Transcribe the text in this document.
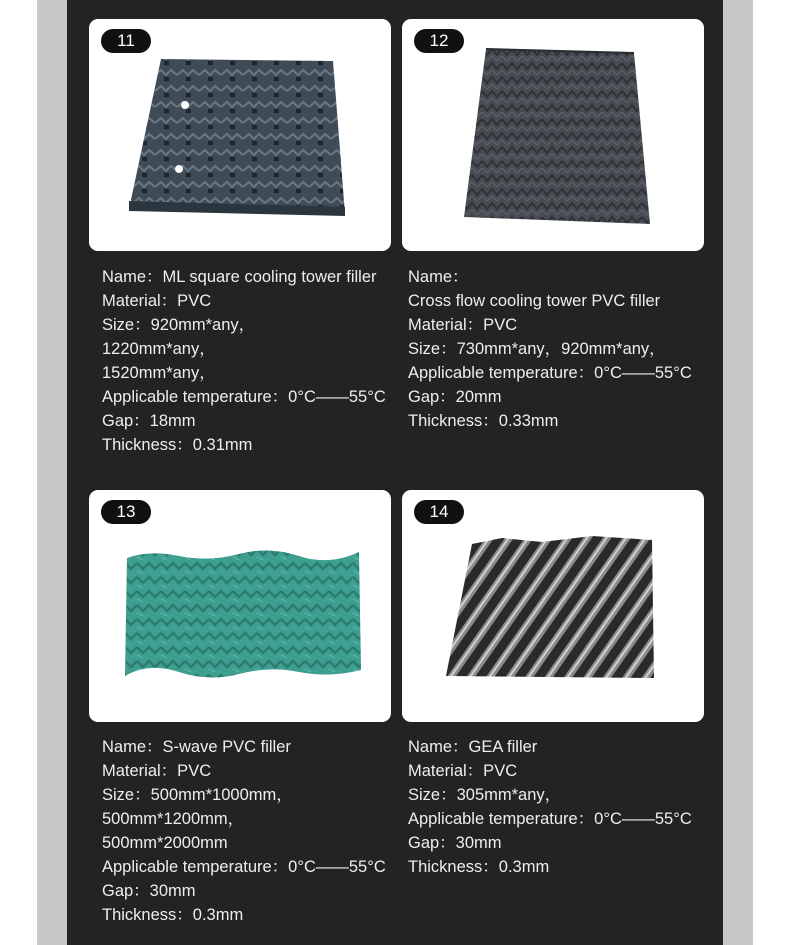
11	12
13	14
Name：ML square cooling tower filler
Material：PVC
Size：920mm*any，
1220mm*any，
1520mm*any，
Applicable temperature：0°C——55°C
Gap：18mm
Thickness：0.31mm
Name：
Cross flow cooling tower PVC filler
Material：PVC
Size：730mm*any，920mm*any，
Applicable temperature：0°C——55°C
Gap：20mm
Thickness：0.33mm
Name：S-wave PVC filler
Material：PVC
Size：500mm*1000mm，
500mm*1200mm，
500mm*2000mm
Applicable temperature：0°C——55°C
Gap：30mm
Thickness：0.3mm
Name：GEA filler
Material：PVC
Size：305mm*any，
Applicable temperature：0°C——55°C
Gap：30mm
Thickness：0.3mm
